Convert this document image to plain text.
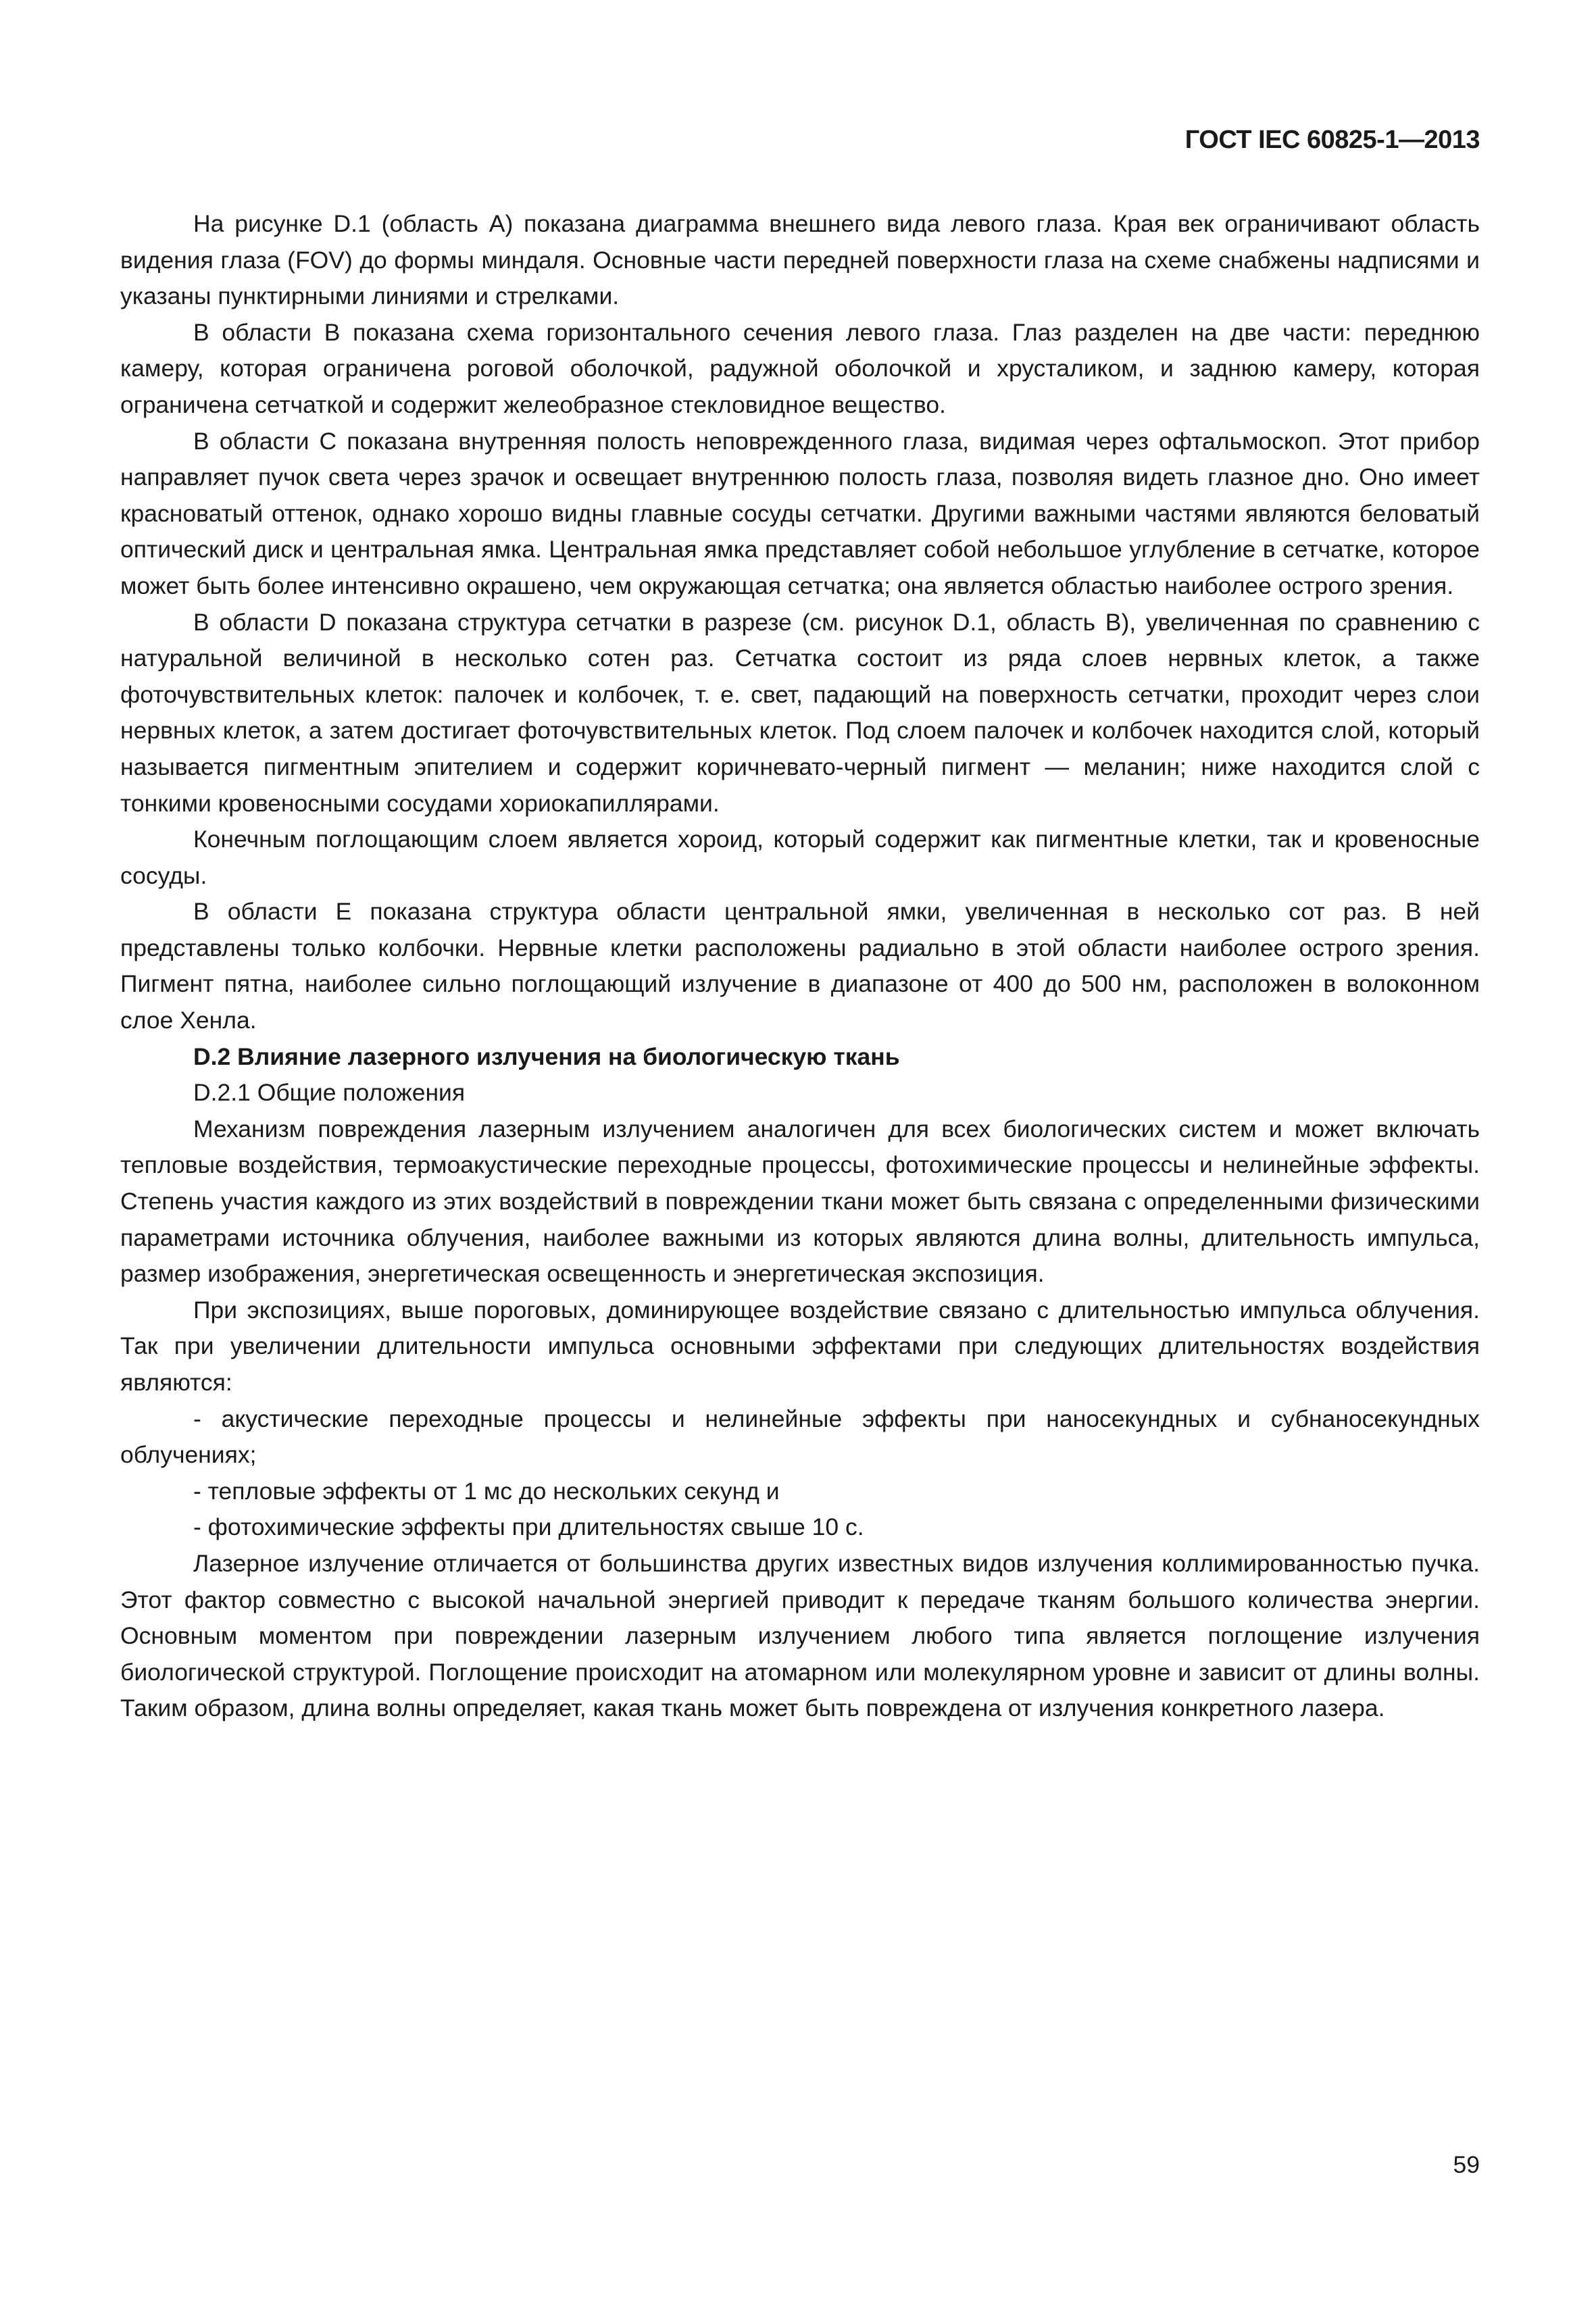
ГОСТ IEC 60825-1—2013

На рисунке D.1 (область А) показана диаграмма внешнего вида левого глаза. Края век ограничивают область видения глаза (FOV) до формы миндаля. Основные части передней поверхности глаза на схеме снабжены надписями и указаны пунктирными линиями и стрелками.

В области В показана схема горизонтального сечения левого глаза. Глаз разделен на две части: переднюю камеру, которая ограничена роговой оболочкой, радужной оболочкой и хрусталиком, и заднюю камеру, которая ограничена сетчаткой и содержит желеобразное стекловидное вещество.

В области С показана внутренняя полость неповрежденного глаза, видимая через офтальмоскоп. Этот прибор направляет пучок света через зрачок и освещает внутреннюю полость глаза, позволяя видеть глазное дно. Оно имеет красноватый оттенок, однако хорошо видны главные сосуды сетчатки. Другими важными частями являются беловатый оптический диск и центральная ямка. Центральная ямка представляет собой небольшое углубление в сетчатке, которое может быть более интенсивно окрашено, чем окружающая сетчатка; она является областью наиболее острого зрения.

В области D показана структура сетчатки в разрезе (см. рисунок D.1, область В), увеличенная по сравнению с натуральной величиной в несколько сотен раз. Сетчатка состоит из ряда слоев нервных клеток, а также фоточувствительных клеток: палочек и колбочек, т. е. свет, падающий на поверхность сетчатки, проходит через слои нервных клеток, а затем достигает фоточувствительных клеток. Под слоем палочек и колбочек находится слой, который называется пигментным эпителием и содержит коричневато-черный пигмент — меланин; ниже находится слой с тонкими кровеносными сосудами хориокапиллярами.

Конечным поглощающим слоем является хороид, который содержит как пигментные клетки, так и кровеносные сосуды.

В области Е показана структура области центральной ямки, увеличенная в несколько сот раз. В ней представлены только колбочки. Нервные клетки расположены радиально в этой области наиболее острого зрения. Пигмент пятна, наиболее сильно поглощающий излучение в диапазоне от 400 до 500 нм, расположен в волоконном слое Хенла.

D.2 Влияние лазерного излучения на биологическую ткань

D.2.1 Общие положения

Механизм повреждения лазерным излучением аналогичен для всех биологических систем и может включать тепловые воздействия, термоакустические переходные процессы, фотохимические процессы и нелинейные эффекты. Степень участия каждого из этих воздействий в повреждении ткани может быть связана с определенными физическими параметрами источника облучения, наиболее важными из которых являются длина волны, длительность импульса, размер изображения, энергетическая освещенность и энергетическая экспозиция.

При экспозициях, выше пороговых, доминирующее воздействие связано с длительностью импульса облучения. Так при увеличении длительности импульса основными эффектами при следующих длительностях воздействия являются:

- акустические переходные процессы и нелинейные эффекты при наносекундных и субнаносекундных облучениях;

- тепловые эффекты от 1 мс до нескольких секунд и

- фотохимические эффекты при длительностях свыше 10 с.

Лазерное излучение отличается от большинства других известных видов излучения коллимированностью пучка. Этот фактор совместно с высокой начальной энергией приводит к передаче тканям большого количества энергии. Основным моментом при повреждении лазерным излучением любого типа является поглощение излучения биологической структурой. Поглощение происходит на атомарном или молекулярном уровне и зависит от длины волны. Таким образом, длина волны определяет, какая ткань может быть повреждена от излучения конкретного лазера.

59
